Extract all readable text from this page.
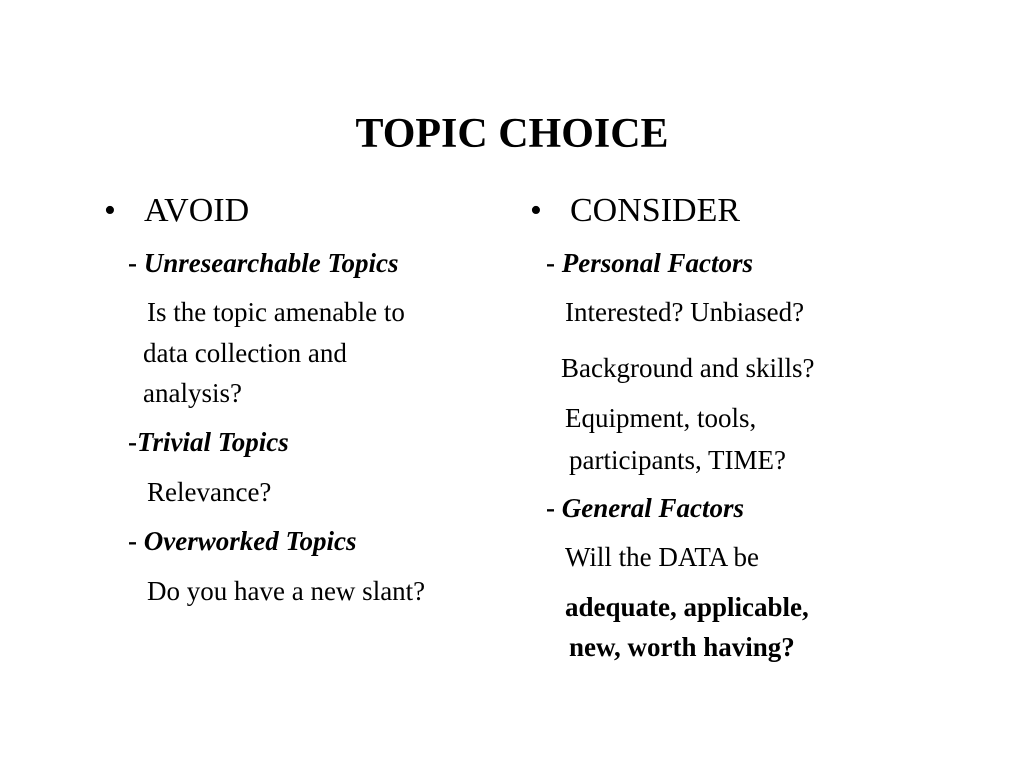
TOPIC CHOICE
• AVOID
- Unresearchable Topics
Is the topic amenable to
data collection and
analysis?
-Trivial Topics
Relevance?
- Overworked Topics
Do you have a new slant?
• CONSIDER
- Personal Factors
Interested? Unbiased?
Background and skills?
Equipment, tools,
participants, TIME?
- General Factors
Will the DATA be
adequate, applicable,
new, worth having?
